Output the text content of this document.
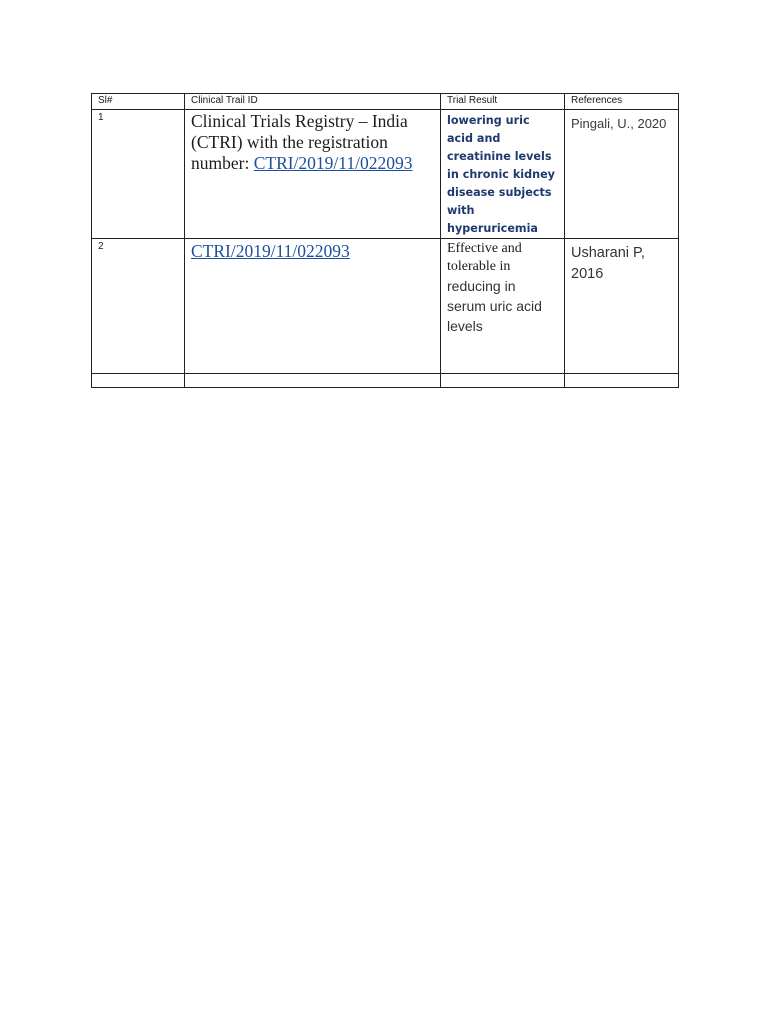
Sl#	Clinical Trail ID	Trial Result	References

1	Clinical Trials Registry – India (CTRI) with the registration number: CTRI/2019/11/022093	lowering uric acid and creatinine levels in chronic kidney disease subjects with hyperuricemia	Pingali, U., 2020

2	CTRI/2019/11/022093	Effective and tolerable in
reducing in serum uric acid levels	Usharani P, 2016
